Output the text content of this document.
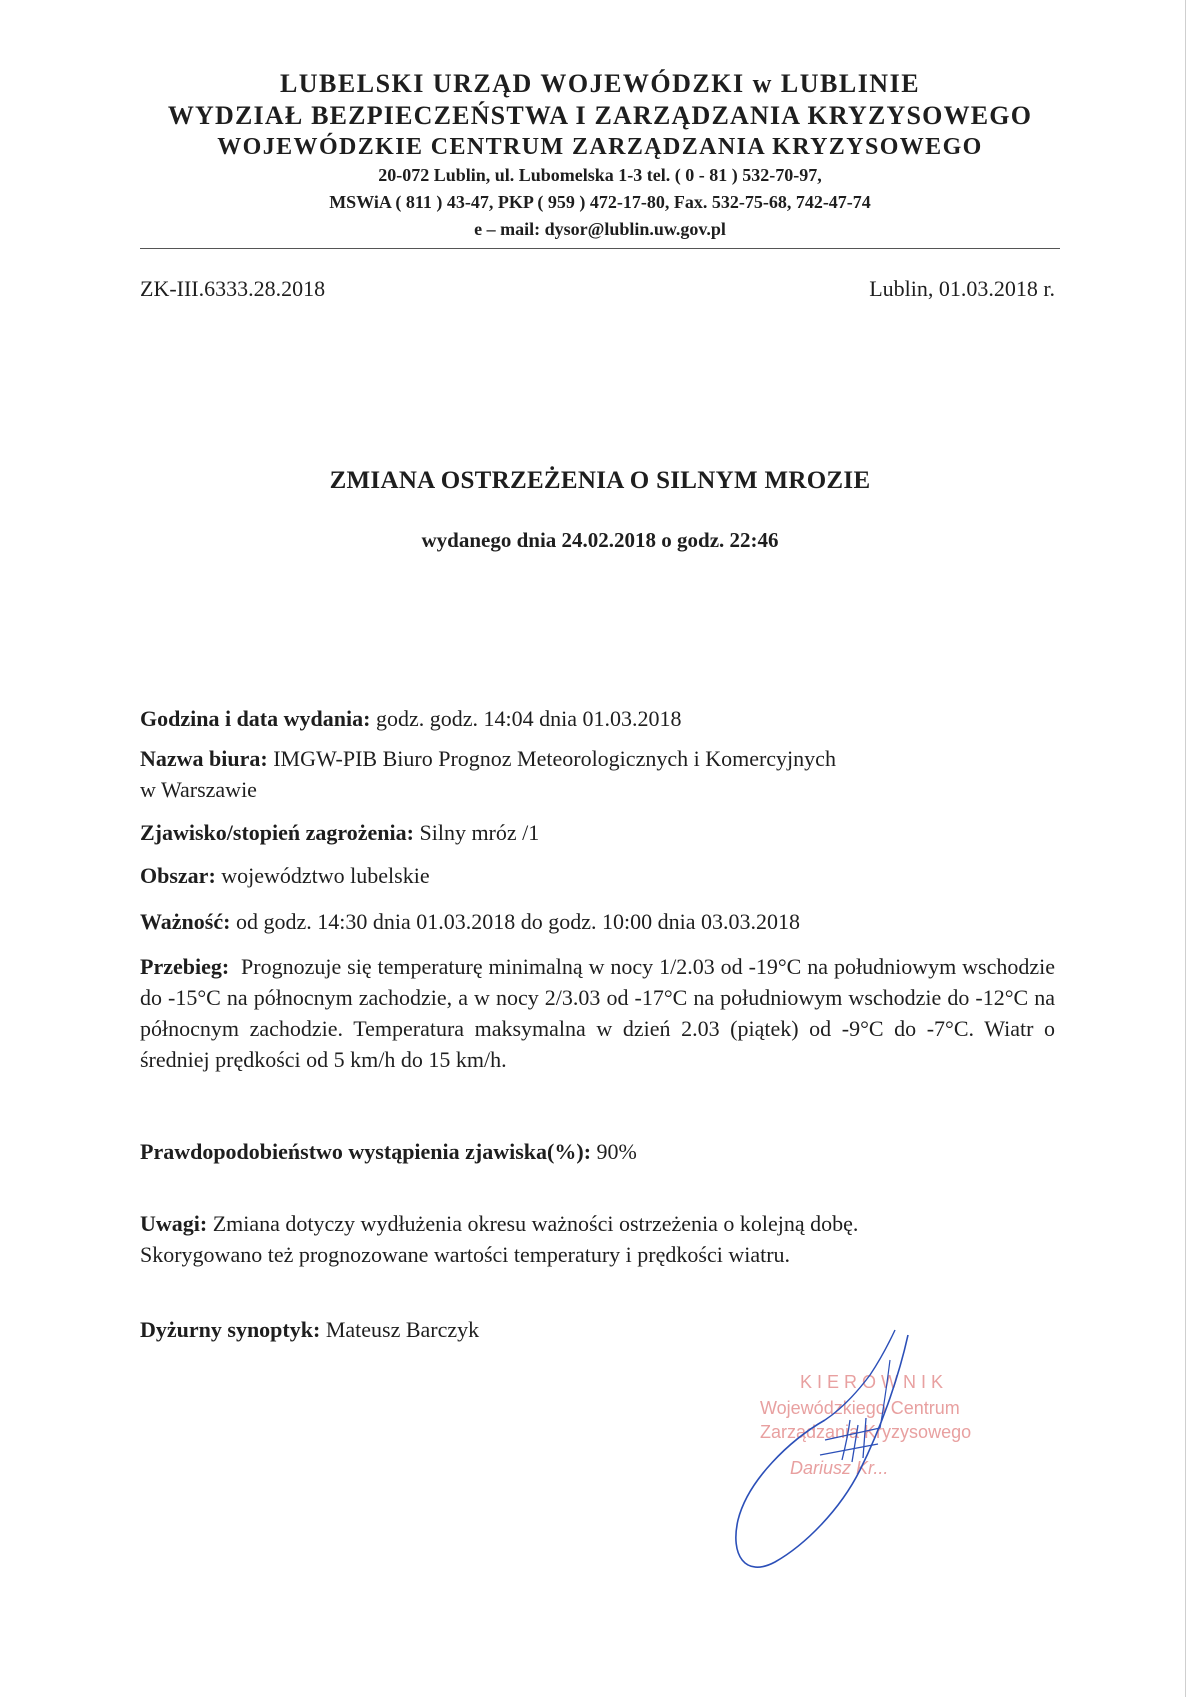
LUBELSKI URZĄD WOJEWÓDZKI w LUBLINIE
WYDZIAŁ BEZPIECZEŃSTWA I ZARZĄDZANIA KRYZYSOWEGO
WOJEWÓDZKIE CENTRUM ZARZĄDZANIA KRYZYSOWEGO
20-072 Lublin, ul. Lubomelska 1-3 tel. ( 0 - 81 ) 532-70-97,
MSWiA ( 811 ) 43-47, PKP ( 959 ) 472-17-80, Fax. 532-75-68, 742-47-74
e – mail: dysor@lublin.uw.gov.pl
ZK-III.6333.28.2018	Lublin, 01.03.2018 r.
ZMIANA OSTRZEŻENIA O SILNYM MROZIE
wydanego dnia 24.02.2018 o godz. 22:46
Godzina i data wydania: godz. godz. 14:04 dnia 01.03.2018
Nazwa biura: IMGW-PIB Biuro Prognoz Meteorologicznych i Komercyjnych
w Warszawie
Zjawisko/stopień zagrożenia: Silny mróz /1
Obszar: województwo lubelskie
Ważność: od godz. 14:30 dnia 01.03.2018 do godz. 10:00 dnia 03.03.2018
Przebieg: Prognozuje się temperaturę minimalną w nocy 1/2.03 od -19°C na południowym wschodzie do -15°C na północnym zachodzie, a w nocy 2/3.03 od -17°C na południowym wschodzie do -12°C na północnym zachodzie. Temperatura maksymalna w dzień 2.03 (piątek) od -9°C do -7°C. Wiatr o średniej prędkości od 5 km/h do 15 km/h.
Prawdopodobieństwo wystąpienia zjawiska(%): 90%
Uwagi: Zmiana dotyczy wydłużenia okresu ważności ostrzeżenia o kolejną dobę.
Skorygowano też prognozowane wartości temperatury i prędkości wiatru.
Dyżurny synoptyk: Mateusz Barczyk
KIEROWNIK
Wojewódzkiego Centrum
Zarządzania Kryzysowego
Dariusz Kr...
